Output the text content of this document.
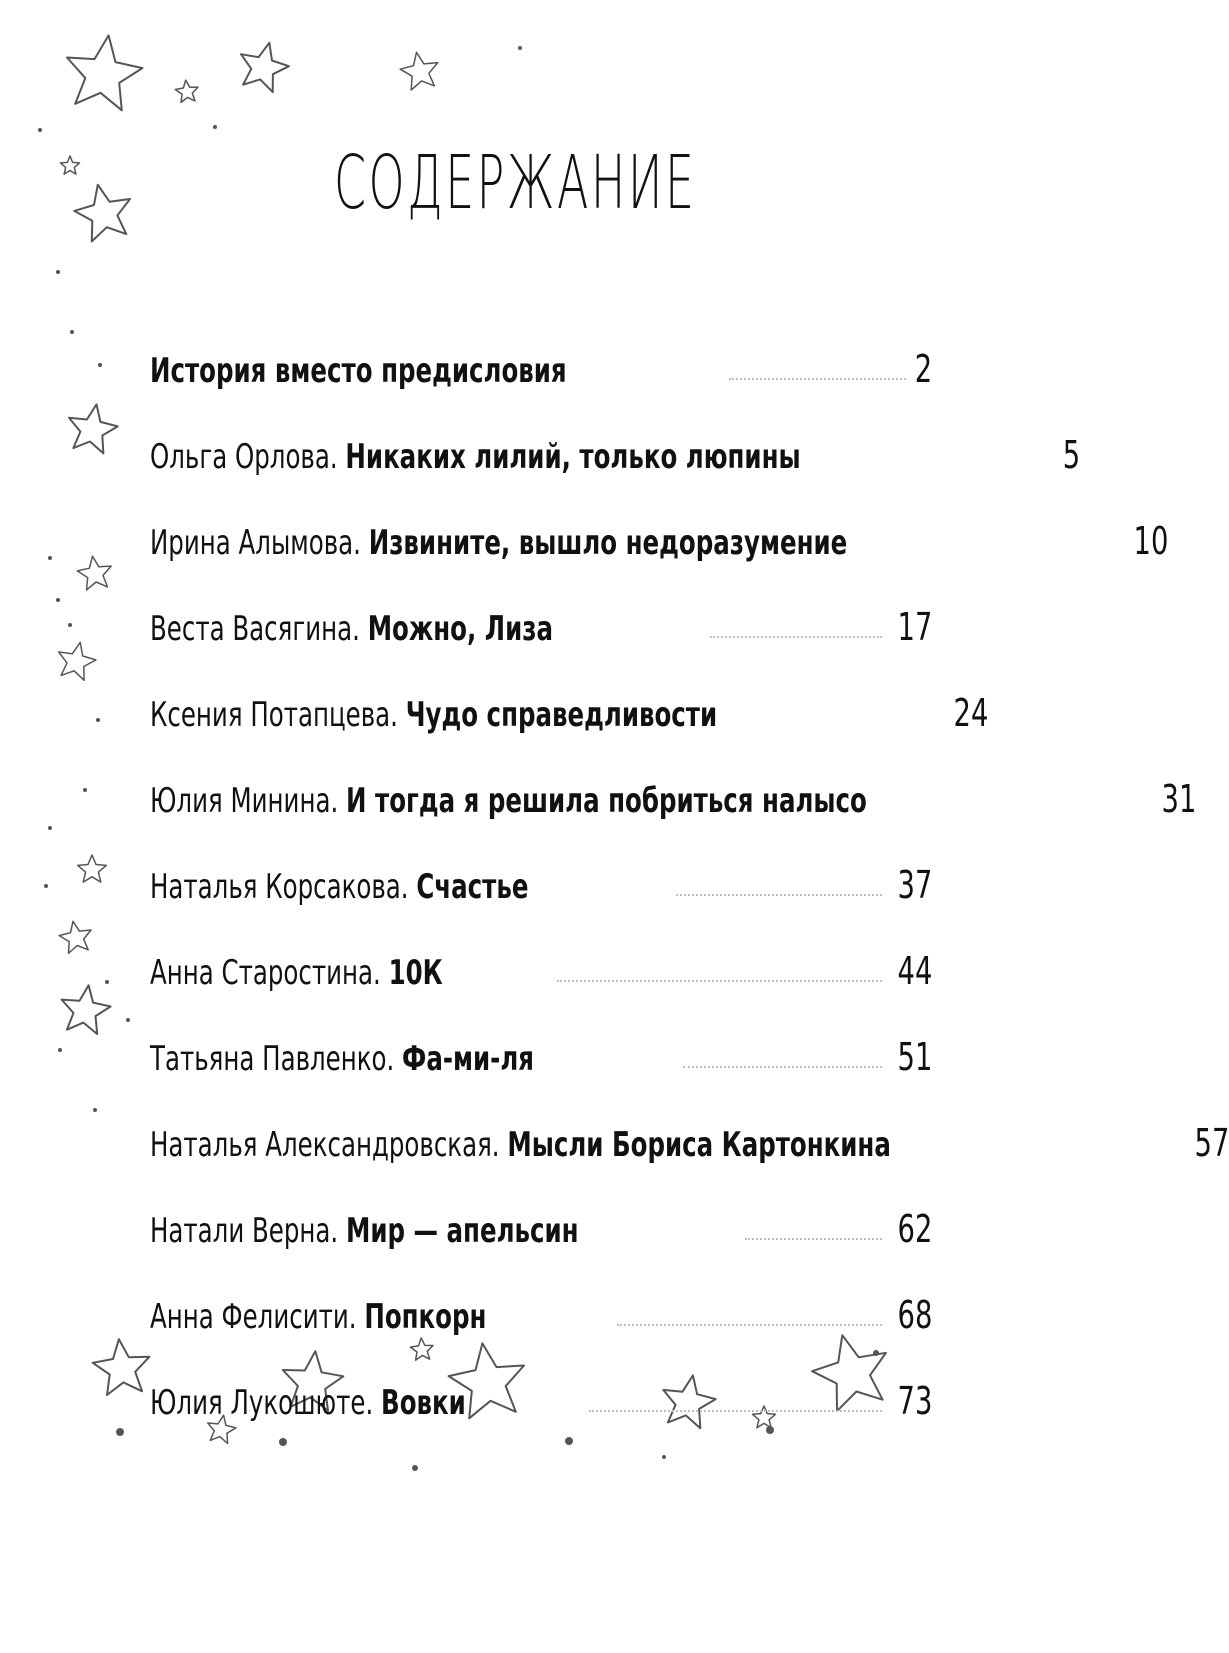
СОДЕРЖАНИЕ
История вместо предисловия	2
Ольга Орлова. Никаких лилий, только люпины	5
Ирина Алымова. Извините, вышло недоразумение	10
Веста Васягина. Можно, Лиза	17
Ксения Потапцева. Чудо справедливости	24
Юлия Минина. И тогда я решила побриться налысо	31
Наталья Корсакова. Счастье	37
Анна Старостина. 10К	44
Татьяна Павленко. Фа-ми-ля	51
Наталья Александровская. Мысли Бориса Картонкина	57
Натали Верна. Мир — апельсин	62
Анна Фелисити. Попкорн	68
Юлия Лукошюте. Вовки	73
